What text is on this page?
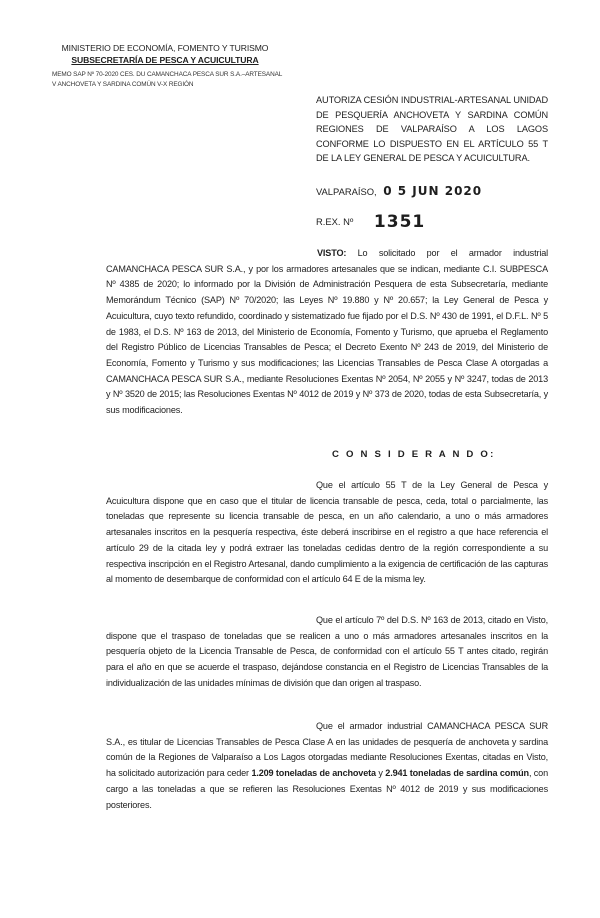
MINISTERIO DE ECONOMÍA, FOMENTO Y TURISMO
SUBSECRETARÍA DE PESCA Y ACUICULTURA
MEMO SAP Nº 70-2020 CES. DU CAMANCHACA PESCA SUR S.A.–ARTESANAL
V ANCHOVETA Y SARDINA COMÚN V-X REGIÓN
AUTORIZA CESIÓN INDUSTRIAL-ARTESANAL UNIDAD DE PESQUERÍA ANCHOVETA Y SARDINA COMÚN REGIONES DE VALPARAÍSO A LOS LAGOS CONFORME LO DISPUESTO EN EL ARTÍCULO 55 T DE LA LEY GENERAL DE PESCA Y ACUICULTURA.
VALPARAÍSO, 0 5 JUN 2020
R.EX. Nº 1351
VISTO: Lo solicitado por el armador industrial CAMANCHACA PESCA SUR S.A., y por los armadores artesanales que se indican, mediante C.I. SUBPESCA Nº 4385 de 2020; lo informado por la División de Administración Pesquera de esta Subsecretaría, mediante Memorándum Técnico (SAP) Nº 70/2020; las Leyes Nº 19.880 y Nº 20.657; la Ley General de Pesca y Acuicultura, cuyo texto refundido, coordinado y sistematizado fue fijado por el D.S. Nº 430 de 1991, el D.F.L. Nº 5 de 1983, el D.S. Nº 163 de 2013, del Ministerio de Economía, Fomento y Turismo, que aprueba el Reglamento del Registro Público de Licencias Transables de Pesca; el Decreto Exento Nº 243 de 2019, del Ministerio de Economía, Fomento y Turismo y sus modificaciones; las Licencias Transables de Pesca Clase A otorgadas a CAMANCHACA PESCA SUR S.A., mediante Resoluciones Exentas Nº 2054, Nº 2055 y Nº 3247, todas de 2013 y Nº 3520 de 2015; las Resoluciones Exentas Nº 4012 de 2019 y Nº 373 de 2020, todas de esta Subsecretaría, y sus modificaciones.
C O N S I D E R A N D O:
Que el artículo 55 T de la Ley General de Pesca y Acuicultura dispone que en caso que el titular de licencia transable de pesca, ceda, total o parcialmente, las toneladas que represente su licencia transable de pesca, en un año calendario, a uno o más armadores artesanales inscritos en la pesquería respectiva, éste deberá inscribirse en el registro a que hace referencia el artículo 29 de la citada ley y podrá extraer las toneladas cedidas dentro de la región correspondiente a su respectiva inscripción en el Registro Artesanal, dando cumplimiento a la exigencia de certificación de las capturas al momento de desembarque de conformidad con el artículo 64 E de la misma ley.
Que el artículo 7º del D.S. Nº 163 de 2013, citado en Visto, dispone que el traspaso de toneladas que se realicen a uno o más armadores artesanales inscritos en la pesquería objeto de la Licencia Transable de Pesca, de conformidad con el artículo 55 T antes citado, regirán para el año en que se acuerde el traspaso, dejándose constancia en el Registro de Licencias Transables de la individualización de las unidades mínimas de división que dan origen al traspaso.
Que el armador industrial CAMANCHACA PESCA SUR S.A., es titular de Licencias Transables de Pesca Clase A en las unidades de pesquería de anchoveta y sardina común de la Regiones de Valparaíso a Los Lagos otorgadas mediante Resoluciones Exentas, citadas en Visto, ha solicitado autorización para ceder 1.209 toneladas de anchoveta y 2.941 toneladas de sardina común, con cargo a las toneladas a que se refieren las Resoluciones Exentas Nº 4012 de 2019 y sus modificaciones posteriores.
